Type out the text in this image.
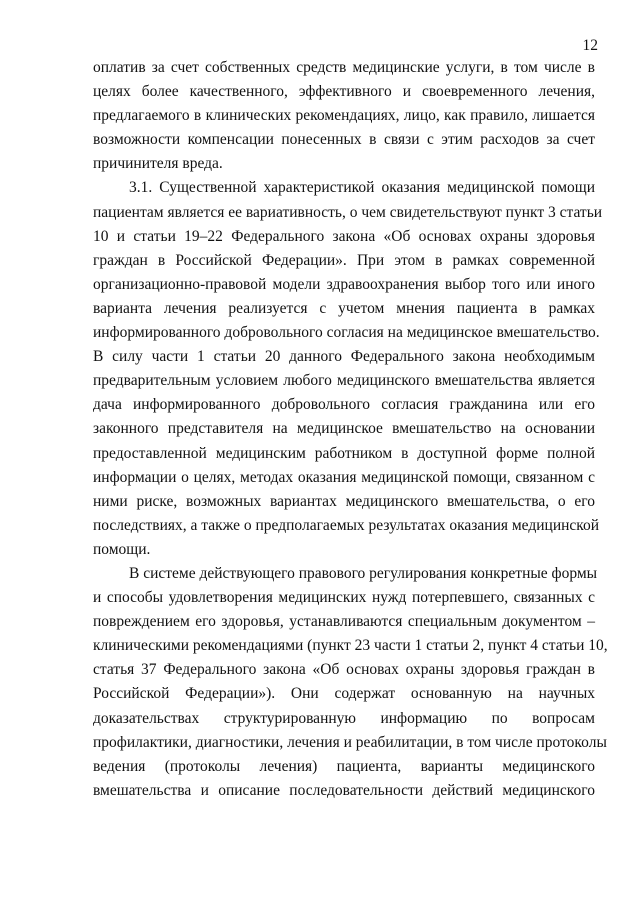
12
оплатив за счет собственных средств медицинские услуги, в том числе в
целях более качественного, эффективного и своевременного лечения,
предлагаемого в клинических рекомендациях, лицо, как правило, лишается
возможности компенсации понесенных в связи с этим расходов за счет
причинителя вреда.
3.1. Существенной характеристикой оказания медицинской помощи
пациентам является ее вариативность, о чем свидетельствуют пункт 3 статьи
10 и статьи 19–22 Федерального закона «Об основах охраны здоровья
граждан в Российской Федерации». При этом в рамках современной
организационно-правовой модели здравоохранения выбор того или иного
варианта лечения реализуется с учетом мнения пациента в рамках
информированного добровольного согласия на медицинское вмешательство.
В силу части 1 статьи 20 данного Федерального закона необходимым
предварительным условием любого медицинского вмешательства является
дача информированного добровольного согласия гражданина или его
законного представителя на медицинское вмешательство на основании
предоставленной медицинским работником в доступной форме полной
информации о целях, методах оказания медицинской помощи, связанном с
ними риске, возможных вариантах медицинского вмешательства, о его
последствиях, а также о предполагаемых результатах оказания медицинской
помощи.
В системе действующего правового регулирования конкретные формы
и способы удовлетворения медицинских нужд потерпевшего, связанных с
повреждением его здоровья, устанавливаются специальным документом –
клиническими рекомендациями (пункт 23 части 1 статьи 2, пункт 4 статьи 10,
статья 37 Федерального закона «Об основах охраны здоровья граждан в
Российской Федерации»). Они содержат основанную на научных
доказательствах структурированную информацию по вопросам
профилактики, диагностики, лечения и реабилитации, в том числе протоколы
ведения (протоколы лечения) пациента, варианты медицинского
вмешательства и описание последовательности действий медицинского
